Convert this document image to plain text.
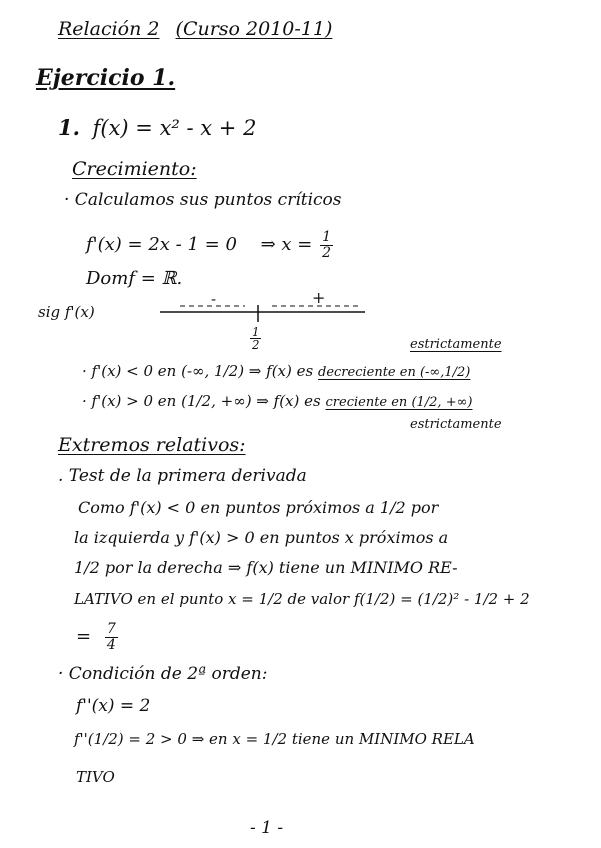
Relación 2 (Curso 2010-11)
Ejercicio 1.
1. f(x) = x² - x + 2
Crecimiento:
· Calculamos sus puntos críticos
f'(x) = 2x - 1 = 0 ⇒ $x = \frac{1}{2}$
Domf = ℝ.
sig f'(x)
-	+
$\frac{1}{2}$	estrictamente
· f'(x) < 0 en (-∞, 1/2) ⇒ f(x) es decreciente en (-∞,1/2)
· f'(x) > 0 en (1/2, +∞) ⇒ f(x) es creciente en (1/2, +∞)
estrictamente
Extremos relativos:
. Test de la primera derivada
Como f'(x) < 0 en puntos próximos a 1/2 por
la izquierda y f'(x) > 0 en puntos x próximos a
1/2 por la derecha ⇒ f(x) tiene un MINIMO RE-
LATIVO en el punto x = 1/2 de valor f(1/2) = (1/2)² - 1/2 + 2
= $\frac{7}{4}$
· Condición de 2ª orden:
f''(x) = 2
f''(1/2) = 2 > 0 ⇒ en x = 1/2 tiene un MINIMO RELA
TIVO
- 1 -
